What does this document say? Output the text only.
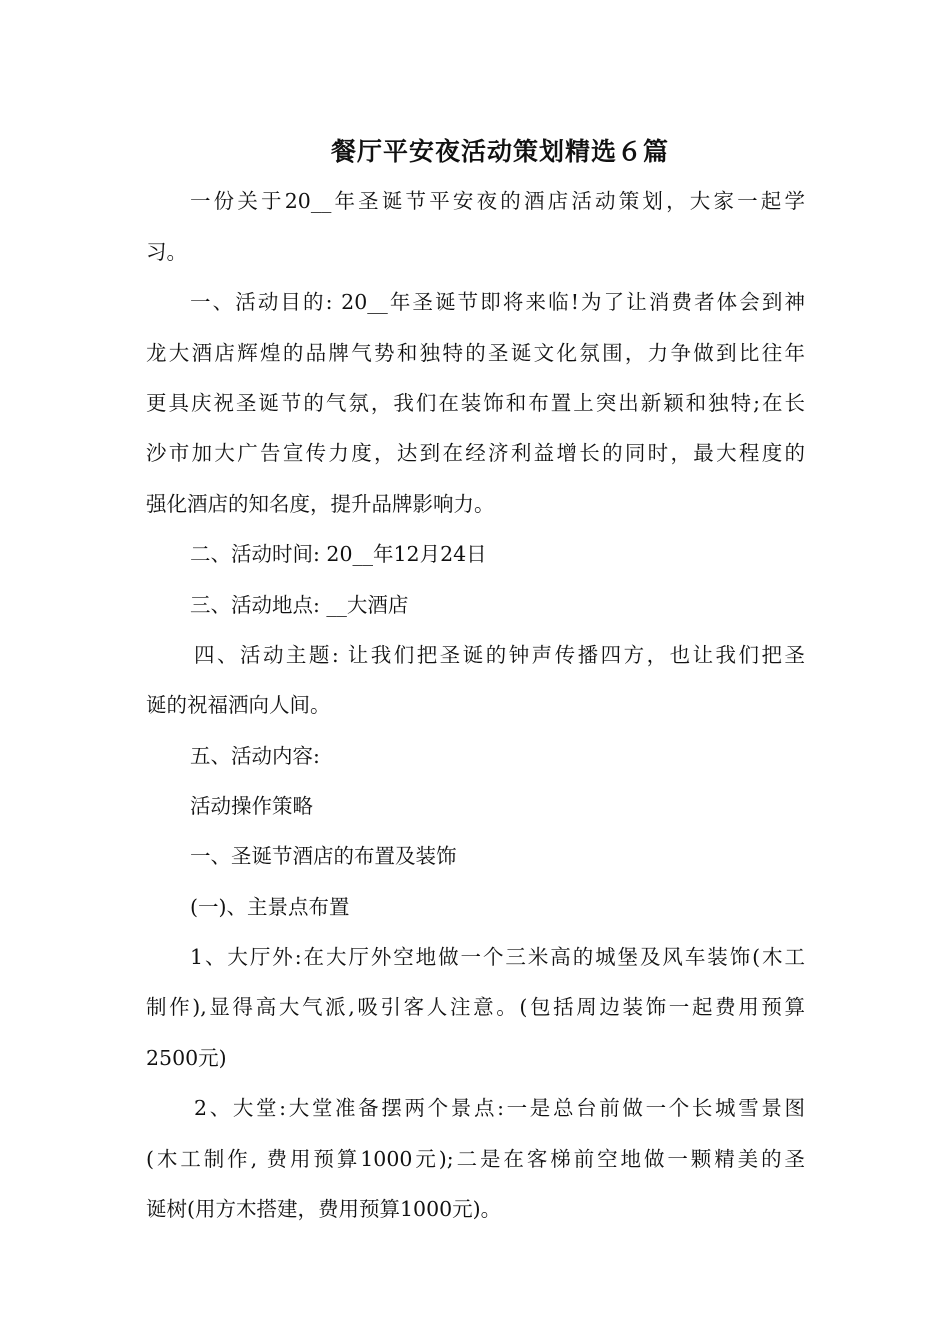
餐厅平安夜活动策划精选６篇
一份关于20__年圣诞节平安夜的酒店活动策划，大家一起学
习。
一、活动目的: 20__年圣诞节即将来临!为了让消费者体会到神
龙大酒店辉煌的品牌气势和独特的圣诞文化氛围，力争做到比往年
更具庆祝圣诞节的气氛，我们在装饰和布置上突出新颖和独特;在长
沙市加大广告宣传力度，达到在经济利益增长的同时，最大程度的
强化酒店的知名度，提升品牌影响力。
二、活动时间: 20__年12月24日
三、活动地点: __大酒店
四、活动主题: 让我们把圣诞的钟声传播四方，也让我们把圣
诞的祝福洒向人间。
五、活动内容:
活动操作策略
一、圣诞节酒店的布置及装饰
(一)、主景点布置
1、大厅外:在大厅外空地做一个三米高的城堡及风车装饰(木工
制作),显得高大气派,吸引客人注意。(包括周边装饰一起费用预算
2500元)
2、大堂:大堂准备摆两个景点:一是总台前做一个长城雪景图
(木工制作, 费用预算1000元);二是在客梯前空地做一颗精美的圣
诞树(用方木搭建，费用预算1000元)。
